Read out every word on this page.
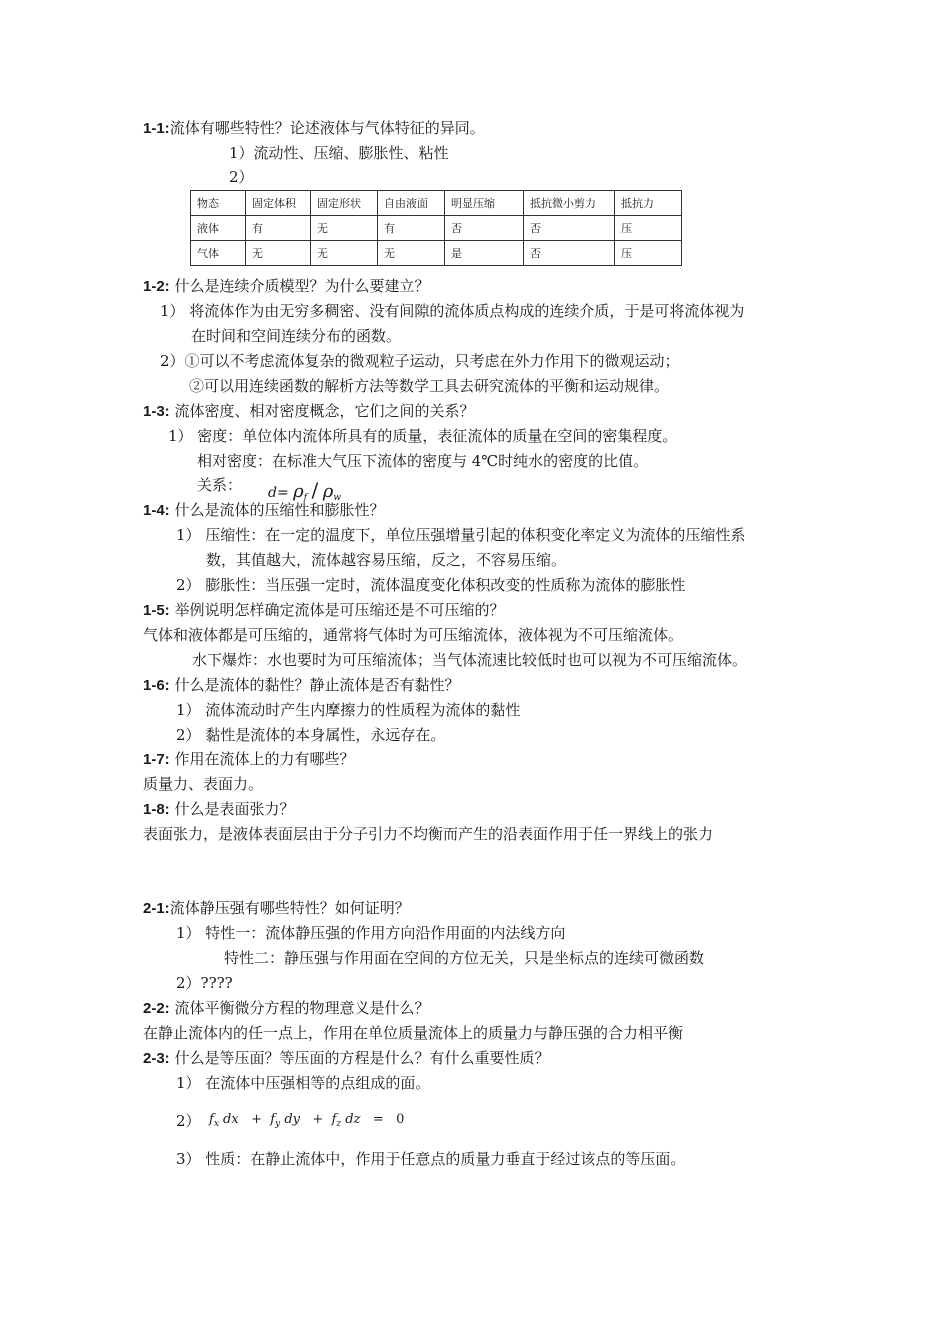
1-1:流体有哪些特性？论述液体与气体特征的异同。
1）流动性、压缩、膨胀性、粘性
2）
物态	固定体积	固定形状	自由液面	明显压缩	抵抗微小剪力	抵抗力
液体	有	无	有	否	否	压
气体	无	无	无	是	否	压
1-2: 什么是连续介质模型？为什么要建立？
1） 将流体作为由无穷多稠密、没有间隙的流体质点构成的连续介质，于是可将流体视为
在时间和空间连续分布的函数。
2）①可以不考虑流体复杂的微观粒子运动，只考虑在外力作用下的微观运动；
②可以用连续函数的解析方法等数学工具去研究流体的平衡和运动规律。
1-3: 流体密度、相对密度概念，它们之间的关系？
1） 密度：单位体内流体所具有的质量，表征流体的质量在空间的密集程度。
相对密度：在标准大气压下流体的密度与 4℃时纯水的密度的比值。
关系： $d= \rho_f / \rho_w$
1-4: 什么是流体的压缩性和膨胀性？
1） 压缩性：在一定的温度下，单位压强增量引起的体积变化率定义为流体的压缩性系
数，其值越大，流体越容易压缩，反之，不容易压缩。
2） 膨胀性：当压强一定时，流体温度变化体积改变的性质称为流体的膨胀性
1-5: 举例说明怎样确定流体是可压缩还是不可压缩的？
气体和液体都是可压缩的，通常将气体时为可压缩流体，液体视为不可压缩流体。
水下爆炸：水也要时为可压缩流体；当气体流速比较低时也可以视为不可压缩流体。
1-6: 什么是流体的黏性？静止流体是否有黏性？
1） 流体流动时产生内摩擦力的性质程为流体的黏性
2） 黏性是流体的本身属性，永远存在。
1-7: 作用在流体上的力有哪些？
质量力、表面力。
1-8: 什么是表面张力？
表面张力，是液体表面层由于分子引力不均衡而产生的沿表面作用于任一界线上的张力
2-1:流体静压强有哪些特性？如何证明？
1） 特性一：流体静压强的作用方向沿作用面的内法线方向
特性二：静压强与作用面在空间的方位无关，只是坐标点的连续可微函数
2）????
2-2: 流体平衡微分方程的物理意义是什么？
在静止流体内的任一点上，作用在单位质量流体上的质量力与静压强的合力相平衡
2-3: 什么是等压面？等压面的方程是什么？有什么重要性质？
1） 在流体中压强相等的点组成的面。
2） $f_x$ dx + $f_y$ dy + $f_z$ dz = 0
3） 性质：在静止流体中，作用于任意点的质量力垂直于经过该点的等压面。
